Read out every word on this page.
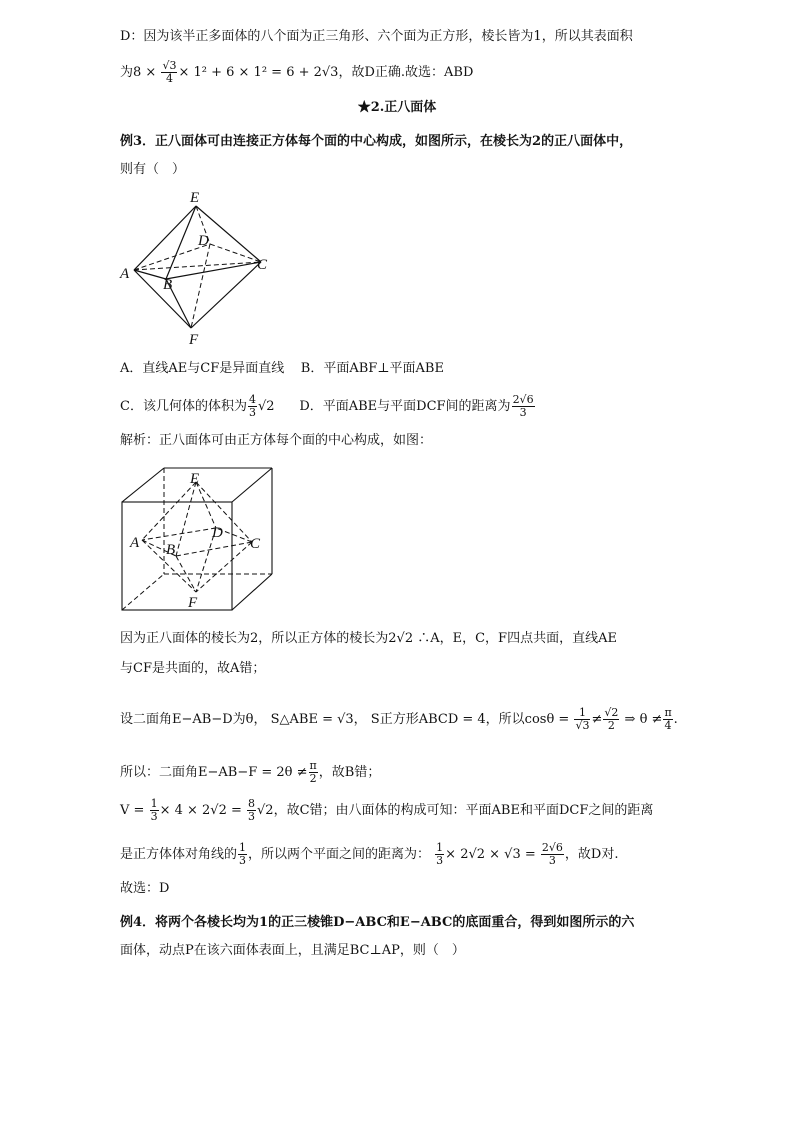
D：因为该半正多面体的八个面为正三角形、六个面为正方形，棱长皆为1，所以其表面积
为$8 \times \frac{√3}{4} \times 1^2 + 6 \times 1^2 = 6 + 2√3$，故D正确.故选：ABD
★2.正八面体
例3．正八面体可由连接正方体每个面的中心构成，如图所示，在棱长为2的正八面体中，
则有（　）
E
D
A
B
C
F
A．直线AE与CF是异面直线 B．平面ABF⊥平面ABE
C．该几何体的体积为 $\frac{4}{3} √2$      D．平面ABE与平面DCF间的距离为 $\frac{2√6}{3}$
解析：正八面体可由正方体每个面的中心构成，如图：
E
D
A B	C
F
因为正八面体的棱长为2，所以正方体的棱长为2√2 ∴A，E，C，F四点共面，直线AE
与CF是共面的，故A错；
设二面角E−AB−D为θ， S△ABE = √3， S正方形ABCD = 4，所以$\cos\theta = \frac{1}{√3} \ne \frac{√2}{2}$ ⇒ $\theta \ne \frac{\pi}{4}$ .
所以：二面角$E-AB-F = 2\theta \ne \frac{\pi}{2}$ ，故B错；
$V = \frac{1}{3} \times 4 \times 2√2 = \frac{8}{3} √2$，故C错；由八面体的构成可知：平面ABE和平面DCF之间的距离
是正方体体对角线的 $\frac{1}{3}$ ，所以两个平面之间的距离为： $\frac{1}{3} \times 2√2 \times √3 = \frac{2√6}{3}$ ，故D对.
故选：D
例4．将两个各棱长均为1的正三棱锥D−ABC和E−ABC的底面重合，得到如图所示的六
面体，动点P在该六面体表面上，且满足BC⊥AP，则（　）
